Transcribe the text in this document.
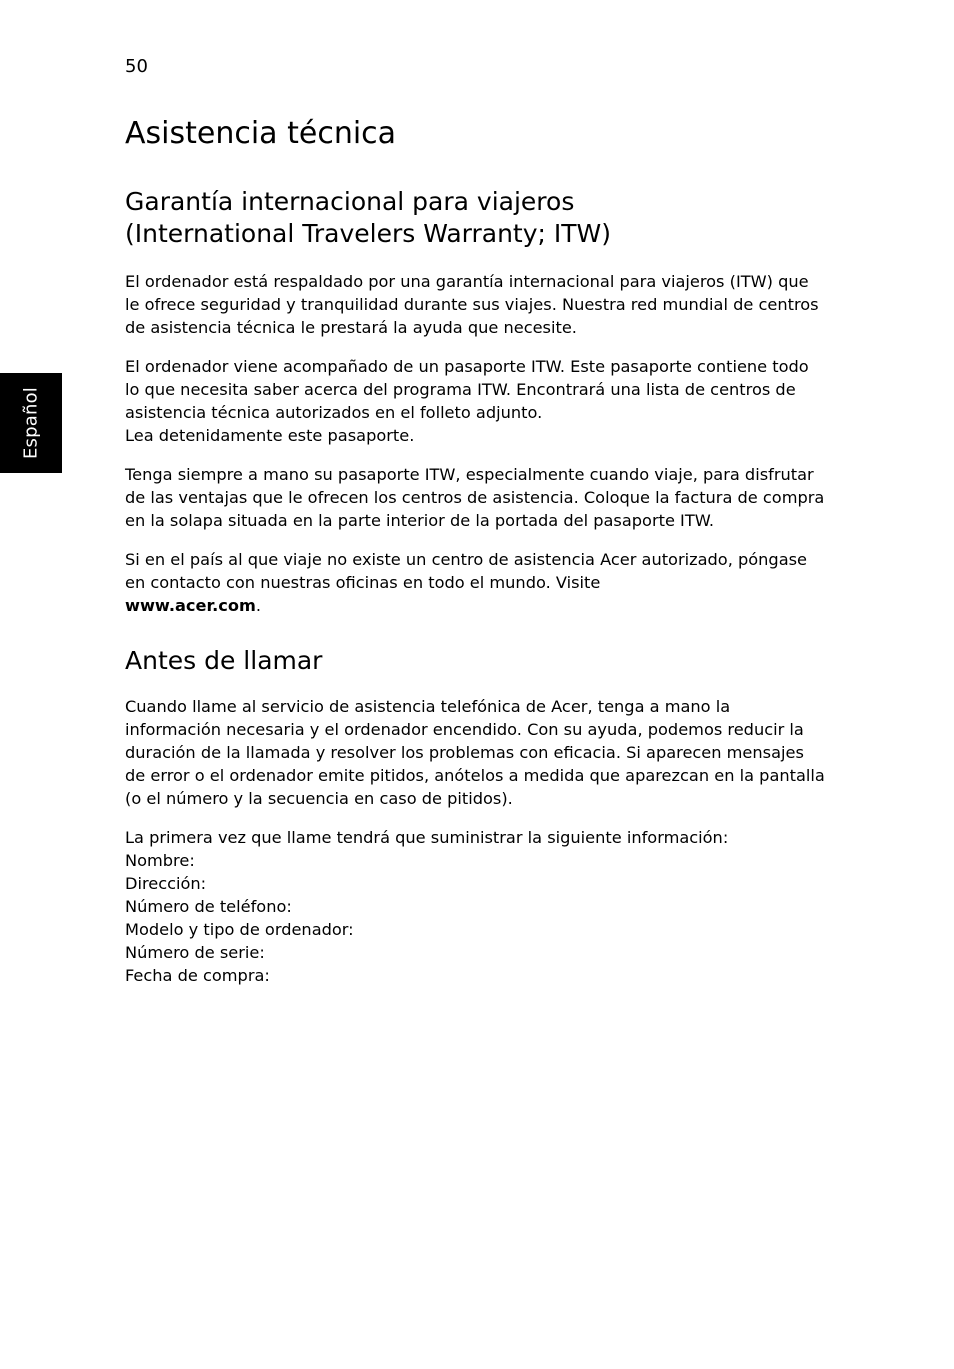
50
Español
Asistencia técnica
Garantía internacional para viajeros
(International Travelers Warranty; ITW)

El ordenador está respaldado por una garantía internacional para viajeros (ITW) que le ofrece seguridad y tranquilidad durante sus viajes. Nuestra red mundial de centros de asistencia técnica le prestará la ayuda que necesite.

El ordenador viene acompañado de un pasaporte ITW. Este pasaporte contiene todo lo que necesita saber acerca del programa ITW. Encontrará una lista de centros de asistencia técnica autorizados en el folleto adjunto.
Lea detenidamente este pasaporte.

Tenga siempre a mano su pasaporte ITW, especialmente cuando viaje, para disfrutar de las ventajas que le ofrecen los centros de asistencia. Coloque la factura de compra en la solapa situada en la parte interior de la portada del pasaporte ITW.

Si en el país al que viaje no existe un centro de asistencia Acer autorizado, póngase en contacto con nuestras oficinas en todo el mundo. Visite
www.acer.com.

Antes de llamar

Cuando llame al servicio de asistencia telefónica de Acer, tenga a mano la información necesaria y el ordenador encendido. Con su ayuda, podemos reducir la duración de la llamada y resolver los problemas con eficacia. Si aparecen mensajes de error o el ordenador emite pitidos, anótelos a medida que aparezcan en la pantalla (o el número y la secuencia en caso de pitidos).

La primera vez que llame tendrá que suministrar la siguiente información:
Nombre:
Dirección:
Número de teléfono:
Modelo y tipo de ordenador:
Número de serie:
Fecha de compra:
